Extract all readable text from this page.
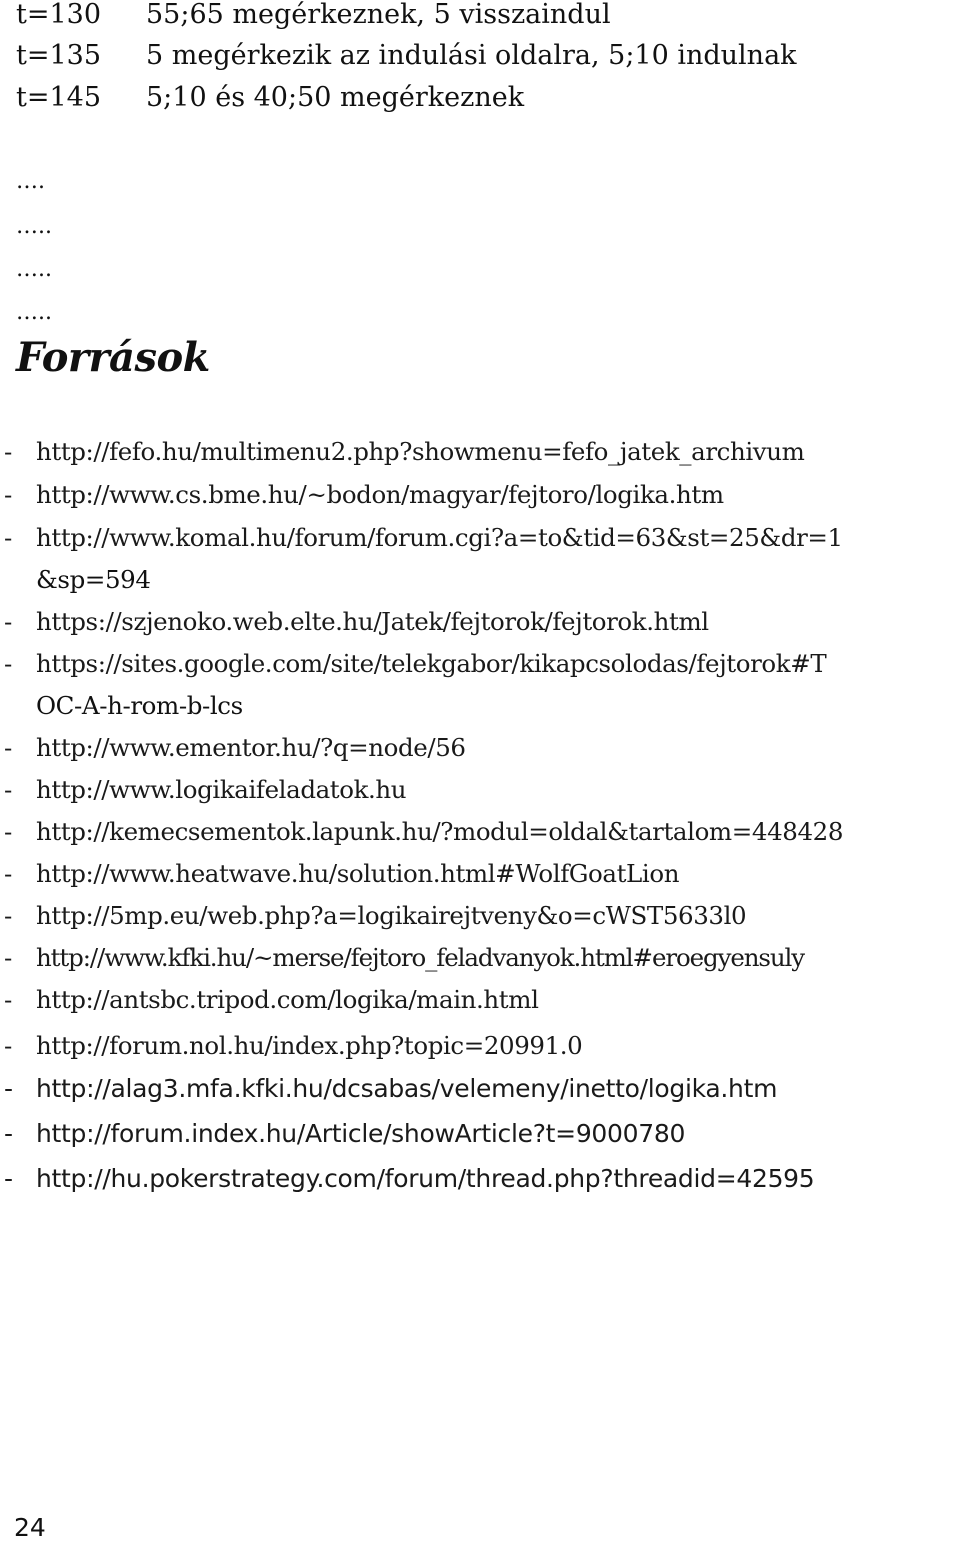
t=130 55;65 megérkeznek, 5 visszaindul
t=135 5 megérkezik az indulási oldalra, 5;10 indulnak
t=145 5;10 és 40;50 megérkeznek
….
…..
…..
…..
Források
- http://fefo.hu/multimenu2.php?showmenu=fefo_jatek_archivum
- http://www.cs.bme.hu/~bodon/magyar/fejtoro/logika.htm
- http://www.komal.hu/forum/forum.cgi?a=to&tid=63&st=25&dr=1
&sp=594
- https://szjenoko.web.elte.hu/Jatek/fejtorok/fejtorok.html
- https://sites.google.com/site/telekgabor/kikapcsolodas/fejtorok#T
OC-A-h-rom-b-lcs
- http://www.ementor.hu/?q=node/56
- http://www.logikaifeladatok.hu
- http://kemecsementok.lapunk.hu/?modul=oldal&tartalom=448428
- http://www.heatwave.hu/solution.html#WolfGoatLion
- http://5mp.eu/web.php?a=logikairejtveny&o=cWST5633l0
- http://www.kfki.hu/~merse/fejtoro_feladvanyok.html#eroegyensuly
- http://antsbc.tripod.com/logika/main.html
- http://forum.nol.hu/index.php?topic=20991.0
- http://alag3.mfa.kfki.hu/dcsabas/velemeny/inetto/logika.htm
- http://forum.index.hu/Article/showArticle?t=9000780
- http://hu.pokerstrategy.com/forum/thread.php?threadid=42595
24
